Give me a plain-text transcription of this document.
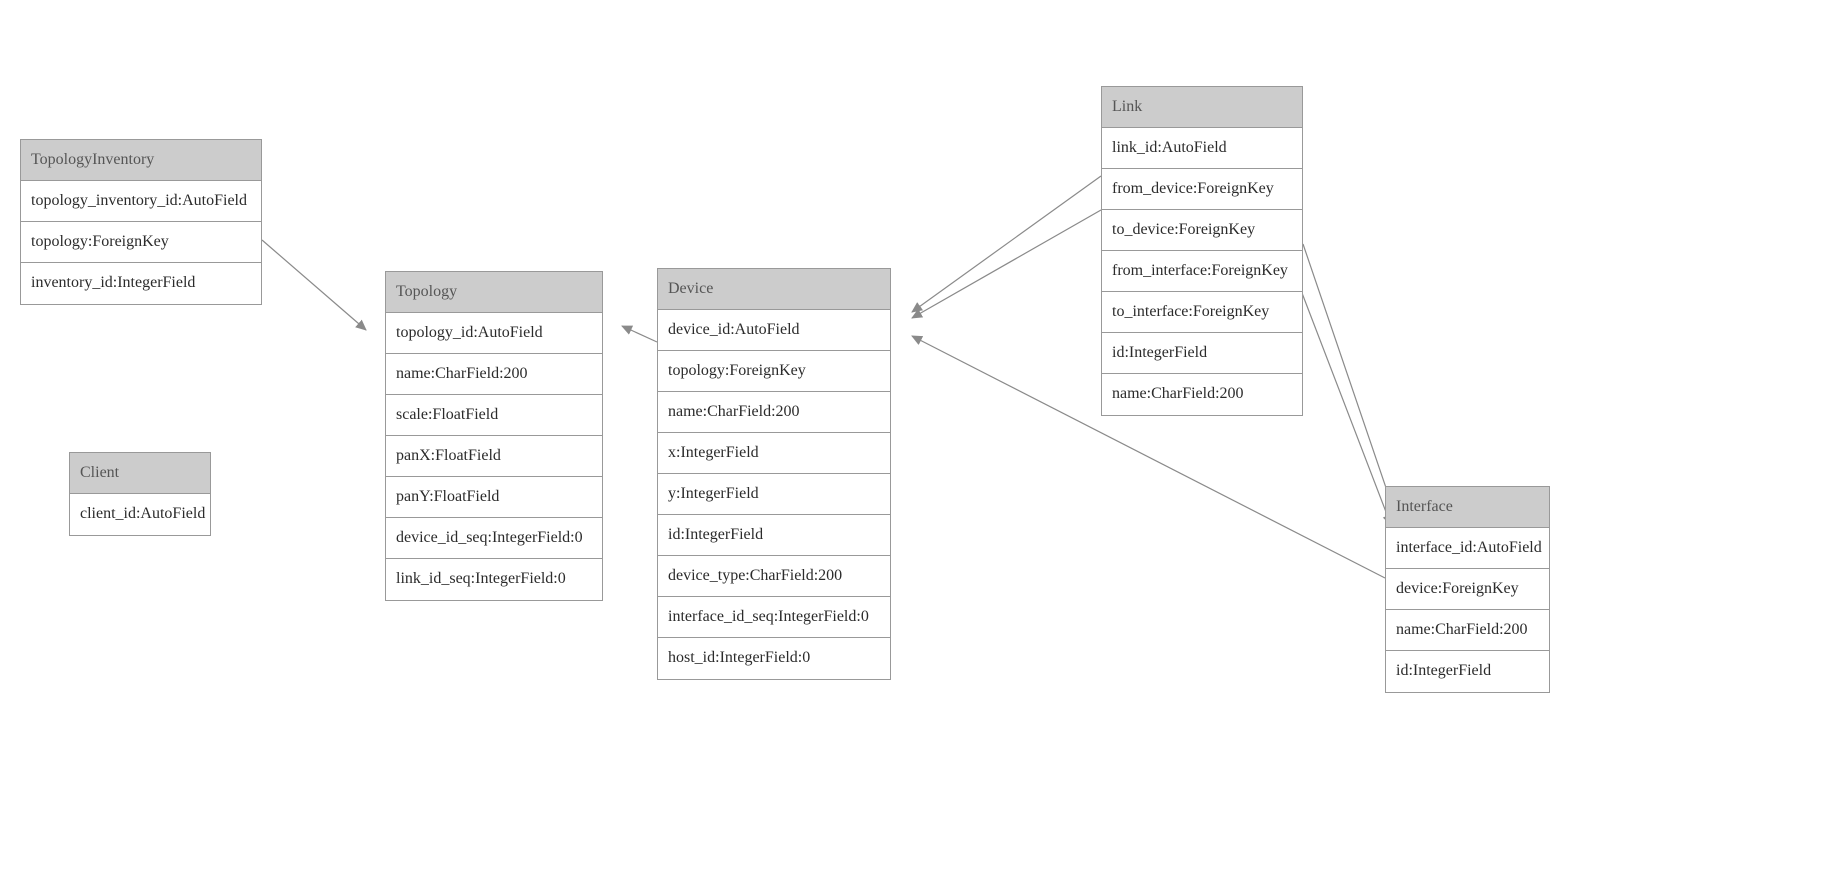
TopologyInventory
topology_inventory_id:AutoField
topology:ForeignKey
inventory_id:IntegerField
Topology
topology_id:AutoField
name:CharField:200
scale:FloatField
panX:FloatField
panY:FloatField
device_id_seq:IntegerField:0
link_id_seq:IntegerField:0
Device
device_id:AutoField
topology:ForeignKey
name:CharField:200
x:IntegerField
y:IntegerField
id:IntegerField
device_type:CharField:200
interface_id_seq:IntegerField:0
host_id:IntegerField:0
Link
link_id:AutoField
from_device:ForeignKey
to_device:ForeignKey
from_interface:ForeignKey
to_interface:ForeignKey
id:IntegerField
name:CharField:200
Interface
interface_id:AutoField
device:ForeignKey
name:CharField:200
id:IntegerField
Client
client_id:AutoField
